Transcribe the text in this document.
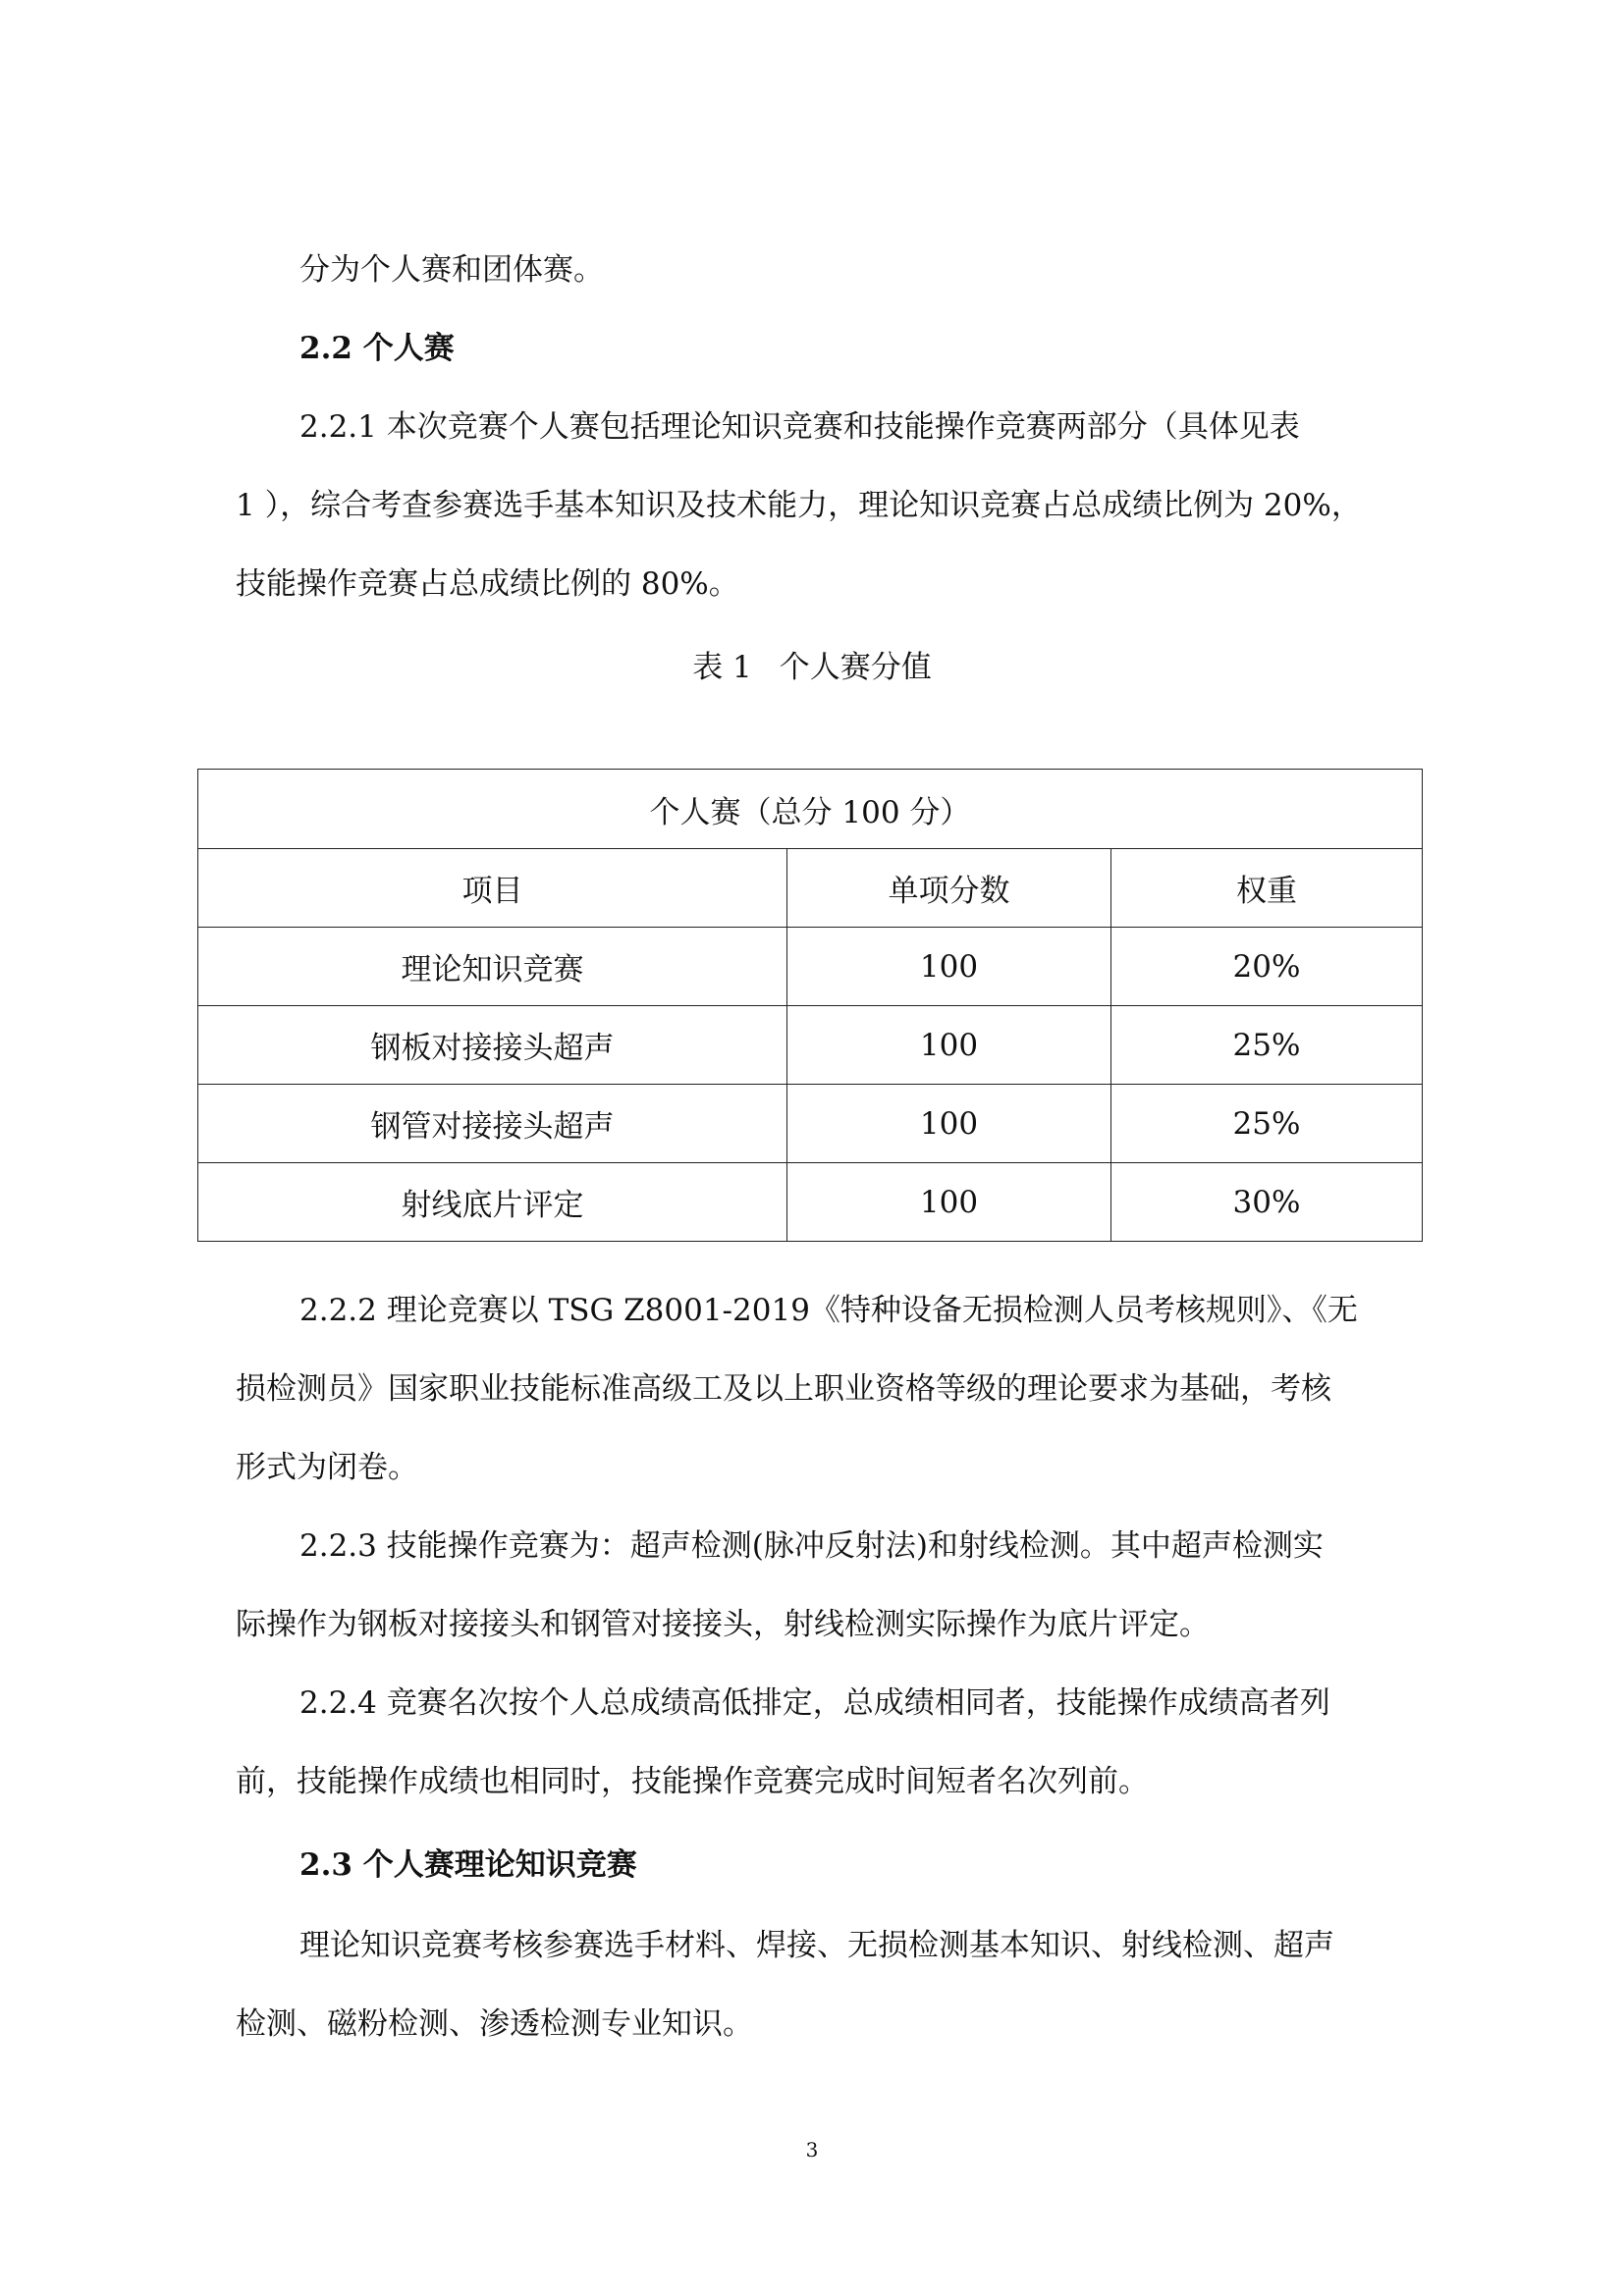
分为个人赛和团体赛。

2.2 个人赛

2.2.1 本次竞赛个人赛包括理论知识竞赛和技能操作竞赛两部分（具体见表

1 ），综合考查参赛选手基本知识及技术能力，理论知识竞赛占总成绩比例为 20%，

技能操作竞赛占总成绩比例的 80%。

表 1 个人赛分值

个人赛（总分 100 分）		
项目	单项分数	权重
理论知识竞赛	100	20%
钢板对接接头超声	100	25%
钢管对接接头超声	100	25%
射线底片评定	100	30%

2.2.2 理论竞赛以 TSG Z8001-2019《特种设备无损检测人员考核规则》、《无

损检测员》国家职业技能标准高级工及以上职业资格等级的理论要求为基础，考核

形式为闭卷。

2.2.3 技能操作竞赛为：超声检测(脉冲反射法)和射线检测。其中超声检测实

际操作为钢板对接接头和钢管对接接头，射线检测实际操作为底片评定。

2.2.4 竞赛名次按个人总成绩高低排定，总成绩相同者，技能操作成绩高者列

前，技能操作成绩也相同时，技能操作竞赛完成时间短者名次列前。

2.3 个人赛理论知识竞赛

理论知识竞赛考核参赛选手材料、焊接、无损检测基本知识、射线检测、超声

检测、磁粉检测、渗透检测专业知识。

3
